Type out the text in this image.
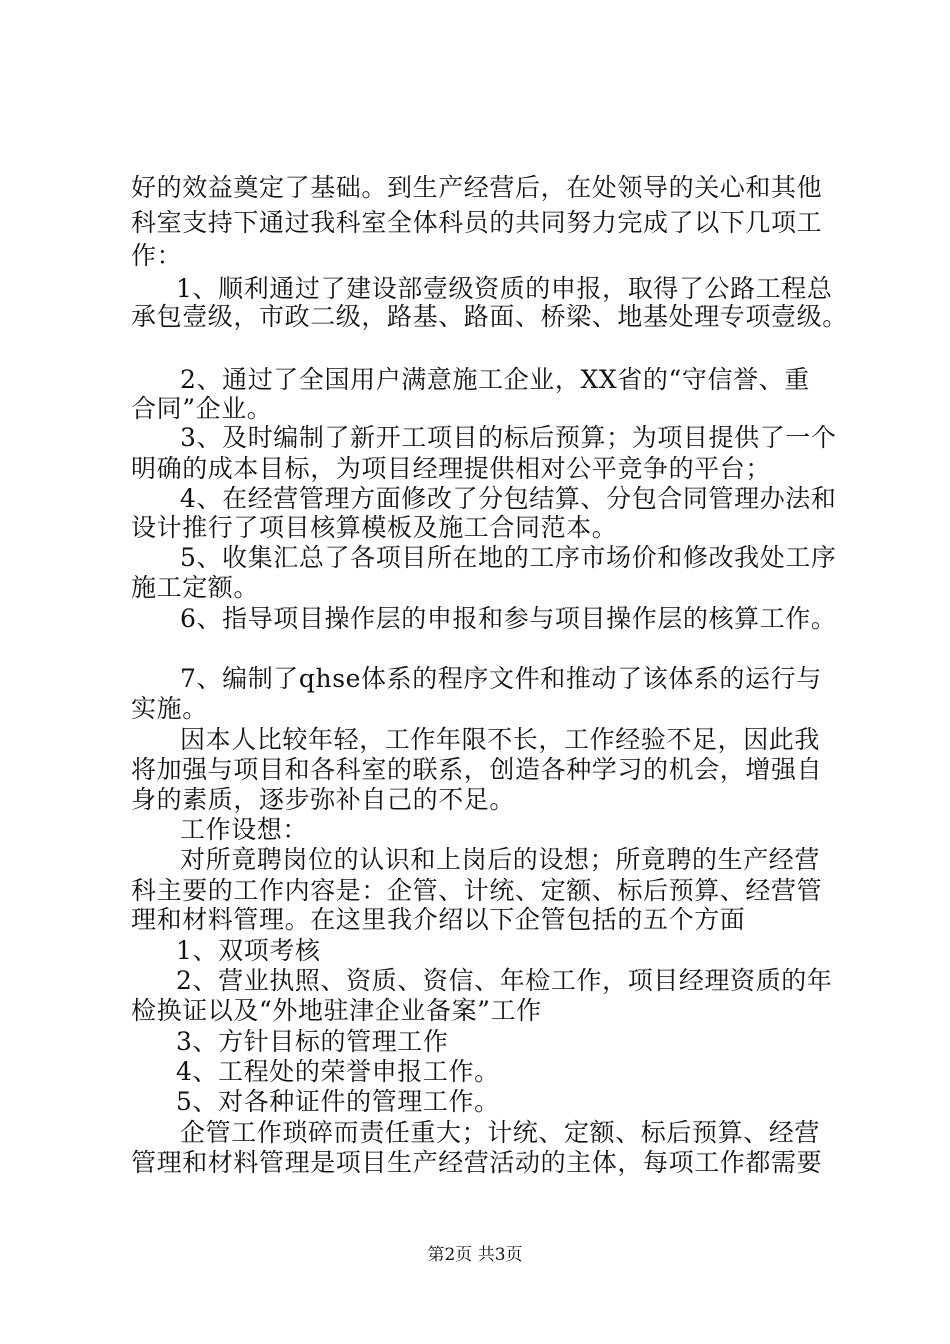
好的效益奠定了基础。到生产经营后，在处领导的关心和其他
科室支持下通过我科室全体科员的共同努力完成了以下几项工
作：
1、顺利通过了建设部壹级资质的申报，取得了公路工程总
承包壹级，市政二级，路基、路面、桥梁、地基处理专项壹级。
2、通过了全国用户满意施工企业，XX省的“守信誉、重
合同”企业。
3、及时编制了新开工项目的标后预算；为项目提供了一个
明确的成本目标，为项目经理提供相对公平竞争的平台；
4、在经营管理方面修改了分包结算、分包合同管理办法和
设计推行了项目核算模板及施工合同范本。
5、收集汇总了各项目所在地的工序市场价和修改我处工序
施工定额。
6、指导项目操作层的申报和参与项目操作层的核算工作。
7、编制了qhse体系的程序文件和推动了该体系的运行与
实施。
因本人比较年轻，工作年限不长，工作经验不足，因此我
将加强与项目和各科室的联系，创造各种学习的机会，增强自
身的素质，逐步弥补自己的不足。
工作设想：
对所竟聘岗位的认识和上岗后的设想；所竟聘的生产经营
科主要的工作内容是：企管、计统、定额、标后预算、经营管
理和材料管理。在这里我介绍以下企管包括的五个方面
1、双项考核
2、营业执照、资质、资信、年检工作，项目经理资质的年
检换证以及“外地驻津企业备案”工作
3、方针目标的管理工作
4、工程处的荣誉申报工作。
5、对各种证件的管理工作。
企管工作琐碎而责任重大；计统、定额、标后预算、经营
管理和材料管理是项目生产经营活动的主体，每项工作都需要
第2页 共3页
